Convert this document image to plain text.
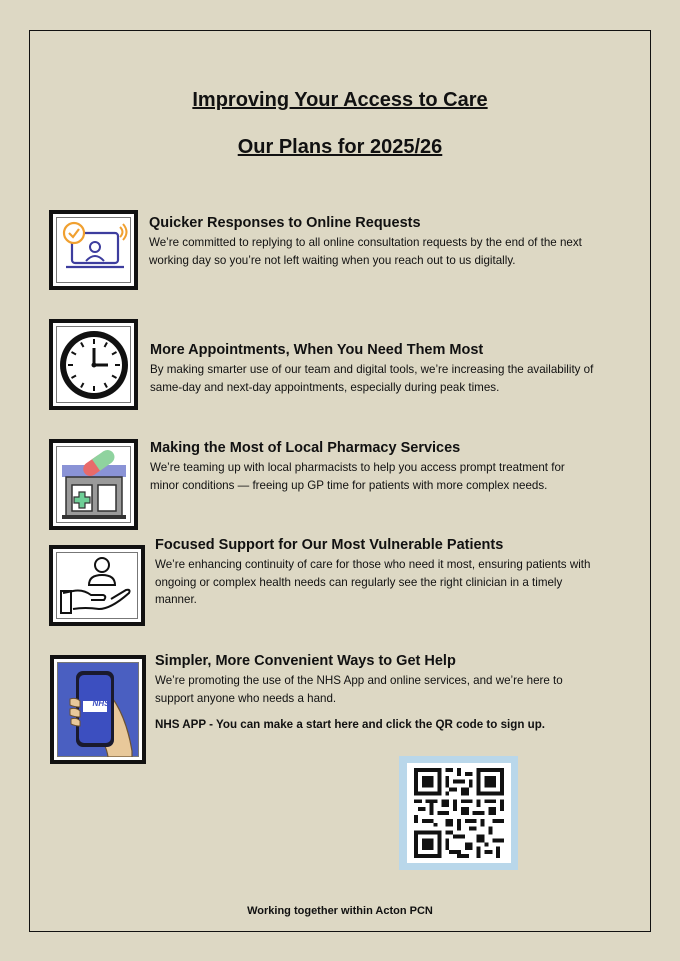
Improving Your Access to Care
Our Plans for 2025/26
Quicker Responses to Online Requests
We’re committed to replying to all online consultation requests by the end of the next working day so you’re not left waiting when you reach out to us digitally.
More Appointments, When You Need Them Most
By making smarter use of our team and digital tools, we’re increasing the availability of same-day and next-day appointments, especially during peak times.
Making the Most of Local Pharmacy Services
We’re teaming up with local pharmacists to help you access prompt treatment for minor conditions — freeing up GP time for patients with more complex needs.
Focused Support for Our Most Vulnerable Patients
We’re enhancing continuity of care for those who need it most, ensuring patients with ongoing or complex health needs can regularly see the right clinician in a timely manner.
NHS
Simpler, More Convenient Ways to Get Help
We’re promoting the use of the NHS App and online services, and we’re here to support anyone who needs a hand.
NHS APP - You can make a start here and click the QR code to sign up.
Working together within Acton PCN
